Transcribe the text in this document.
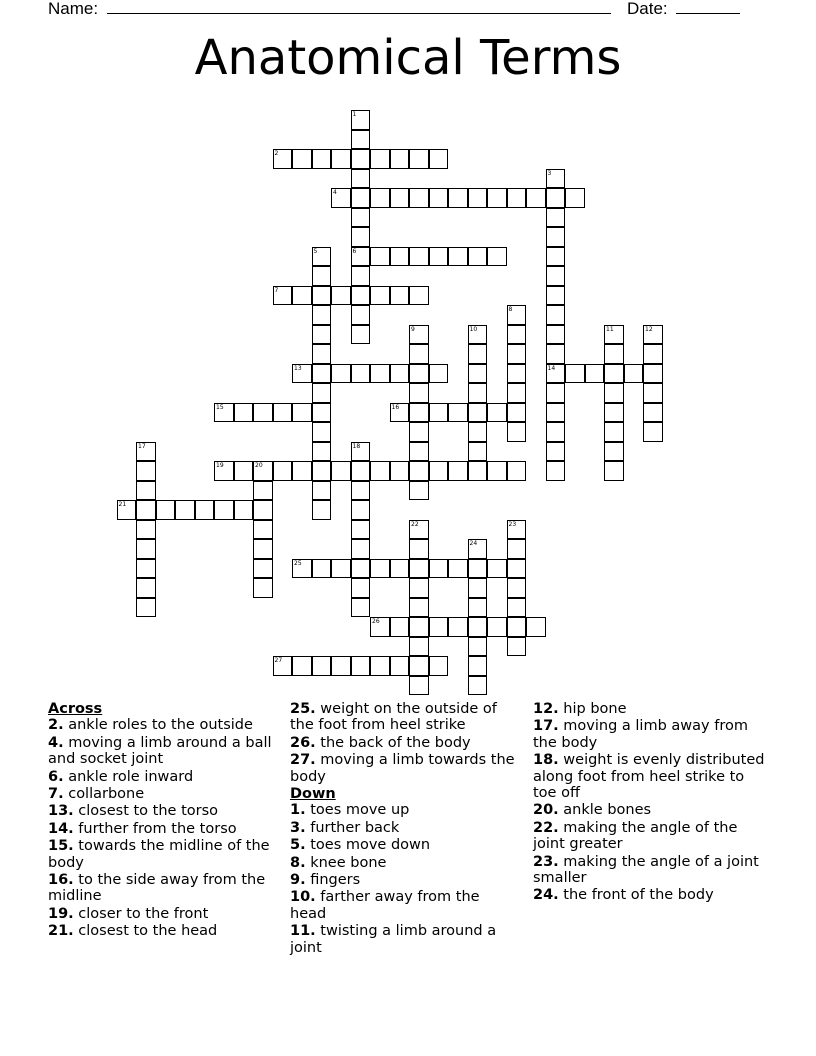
Name:	Date:
Anatomical Terms
1
6
2
3
14
4
5
7
8
9	10	11	12
13
15	16
17	18
19	20
21
22	23
24
25
26
27
Across
2. ankle roles to the outside
4. moving a limb around a ball and socket joint
6. ankle role inward
7. collarbone
13. closest to the torso
14. further from the torso
15. towards the midline of the body
16. to the side away from the midline
19. closer to the front
21. closest to the head
25. weight on the outside of the foot from heel strike
26. the back of the body
27. moving a limb towards the body
Down
1. toes move up
3. further back
5. toes move down
8. knee bone
9. fingers
10. farther away from the head
11. twisting a limb around a joint
12. hip bone
17. moving a limb away from the body
18. weight is evenly distributed along foot from heel strike to toe off
20. ankle bones
22. making the angle of the joint greater
23. making the angle of a joint smaller
24. the front of the body
